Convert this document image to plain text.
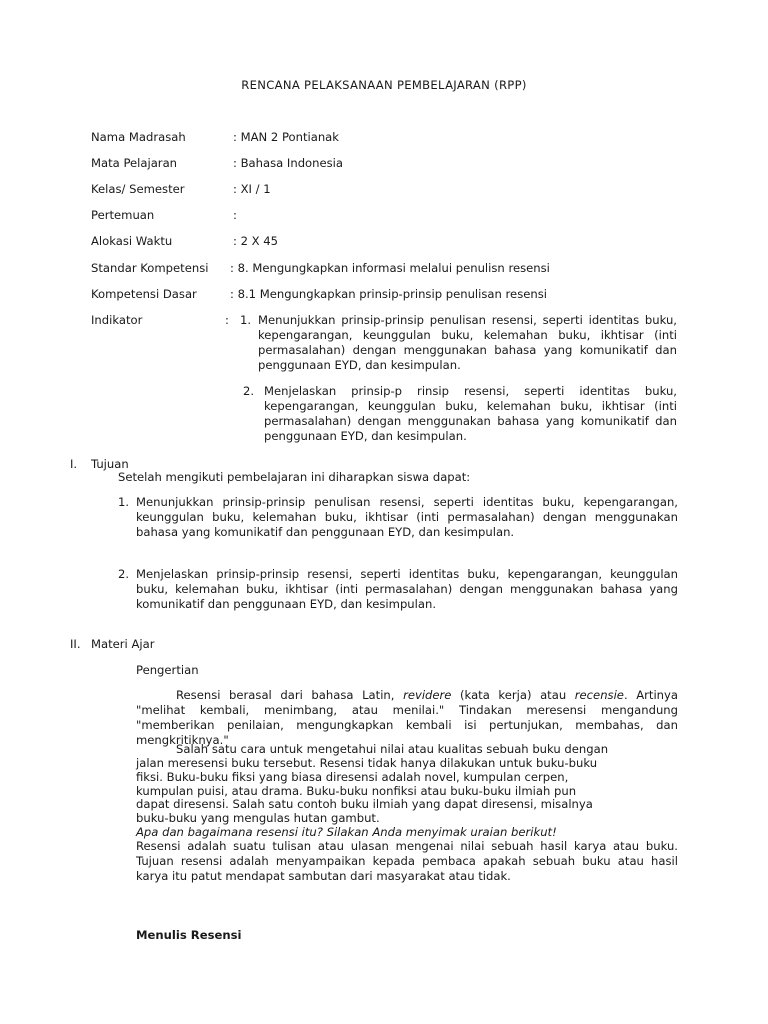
RENCANA PELAKSANAAN PEMBELAJARAN (RPP)
Nama Madrasah	: MAN 2 Pontianak
Mata Pelajaran	: Bahasa Indonesia
Kelas/ Semester	: XI / 1
Pertemuan	:
Alokasi Waktu	: 2 X 45
Standar Kompetensi : 8. Mengungkapkan informasi melalui penulisn resensi
Kompetensi Dasar	: 8.1 Mengungkapkan prinsip-prinsip penulisan resensi
Indikator	: 1. Menunjukkan prinsip-prinsip penulisan resensi, seperti identitas buku, kepengarangan, keunggulan buku, kelemahan buku, ikhtisar (inti permasalahan) dengan menggunakan bahasa yang komunikatif dan penggunaan EYD, dan kesimpulan.
2. Menjelaskan prinsip-p rinsip resensi, seperti identitas buku, kepengarangan, keunggulan buku, kelemahan buku, ikhtisar (inti permasalahan) dengan menggunakan bahasa yang komunikatif dan penggunaan EYD, dan kesimpulan.
I. Tujuan
Setelah mengikuti pembelajaran ini diharapkan siswa dapat:
1. Menunjukkan prinsip-prinsip penulisan resensi, seperti identitas buku, kepengarangan, keunggulan buku, kelemahan buku, ikhtisar (inti permasalahan) dengan menggunakan bahasa yang komunikatif dan penggunaan EYD, dan kesimpulan.
2. Menjelaskan prinsip-prinsip resensi, seperti identitas buku, kepengarangan, keunggulan buku, kelemahan buku, ikhtisar (inti permasalahan) dengan menggunakan bahasa yang komunikatif dan penggunaan EYD, dan kesimpulan.
II. Materi Ajar
Pengertian
Resensi berasal dari bahasa Latin, revidere (kata kerja) atau recensie. Artinya "melihat kembali, menimbang, atau menilai." Tindakan meresensi mengandung "memberikan penilaian, mengungkapkan kembali isi pertunjukan, membahas, dan mengkritiknya."
Salah satu cara untuk mengetahui nilai atau kualitas sebuah buku dengan
jalan meresensi buku tersebut. Resensi tidak hanya dilakukan untuk buku-buku
fiksi. Buku-buku fiksi yang biasa diresensi adalah novel, kumpulan cerpen,
kumpulan puisi, atau drama. Buku-buku nonfiksi atau buku-buku ilmiah pun
dapat diresensi. Salah satu contoh buku ilmiah yang dapat diresensi, misalnya
buku-buku yang mengulas hutan gambut.
Apa dan bagaimana resensi itu? Silakan Anda menyimak uraian berikut!
Resensi adalah suatu tulisan atau ulasan mengenai nilai sebuah hasil karya atau buku. Tujuan resensi adalah menyampaikan kepada pembaca apakah sebuah buku atau hasil karya itu patut mendapat sambutan dari masyarakat atau tidak.
Menulis Resensi
